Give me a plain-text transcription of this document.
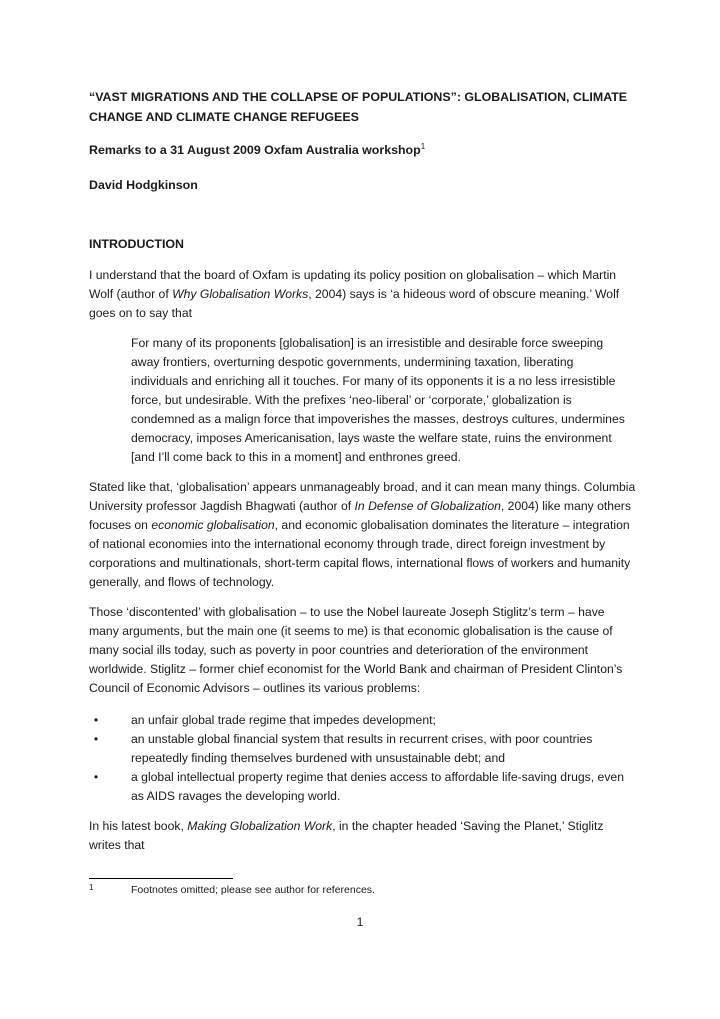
“VAST MIGRATIONS AND THE COLLAPSE OF POPULATIONS”: GLOBALISATION, CLIMATE CHANGE AND CLIMATE CHANGE REFUGEES
Remarks to a 31 August 2009 Oxfam Australia workshop$^1$
David Hodgkinson
INTRODUCTION

I understand that the board of Oxfam is updating its policy position on globalisation – which Martin Wolf (author of Why Globalisation Works, 2004) says is ‘a hideous word of obscure meaning.’ Wolf goes on to say that

For many of its proponents [globalisation] is an irresistible and desirable force sweeping away frontiers, overturning despotic governments, undermining taxation, liberating individuals and enriching all it touches. For many of its opponents it is a no less irresistible force, but undesirable. With the prefixes ‘neo-liberal’ or ‘corporate,’ globalization is condemned as a malign force that impoverishes the masses, destroys cultures, undermines democracy, imposes Americanisation, lays waste the welfare state, ruins the environment [and I’ll come back to this in a moment] and enthrones greed.

Stated like that, ‘globalisation’ appears unmanageably broad, and it can mean many things. Columbia University professor Jagdish Bhagwati (author of In Defense of Globalization, 2004) like many others focuses on economic globalisation, and economic globalisation dominates the literature – integration of national economies into the international economy through trade, direct foreign investment by corporations and multinationals, short-term capital flows, international flows of workers and humanity generally, and flows of technology.

Those ‘discontented’ with globalisation – to use the Nobel laureate Joseph Stiglitz’s term – have many arguments, but the main one (it seems to me) is that economic globalisation is the cause of many social ills today, such as poverty in poor countries and deterioration of the environment worldwide. Stiglitz – former chief economist for the World Bank and chairman of President Clinton’s Council of Economic Advisors – outlines its various problems:

•	an unfair global trade regime that impedes development;
•	an unstable global financial system that results in recurrent crises, with poor countries repeatedly finding themselves burdened with unsustainable debt; and
•	a global intellectual property regime that denies access to affordable life-saving drugs, even as AIDS ravages the developing world.

In his latest book, Making Globalization Work, in the chapter headed ‘Saving the Planet,’ Stiglitz writes that

1	Footnotes omitted; please see author for references.
1
